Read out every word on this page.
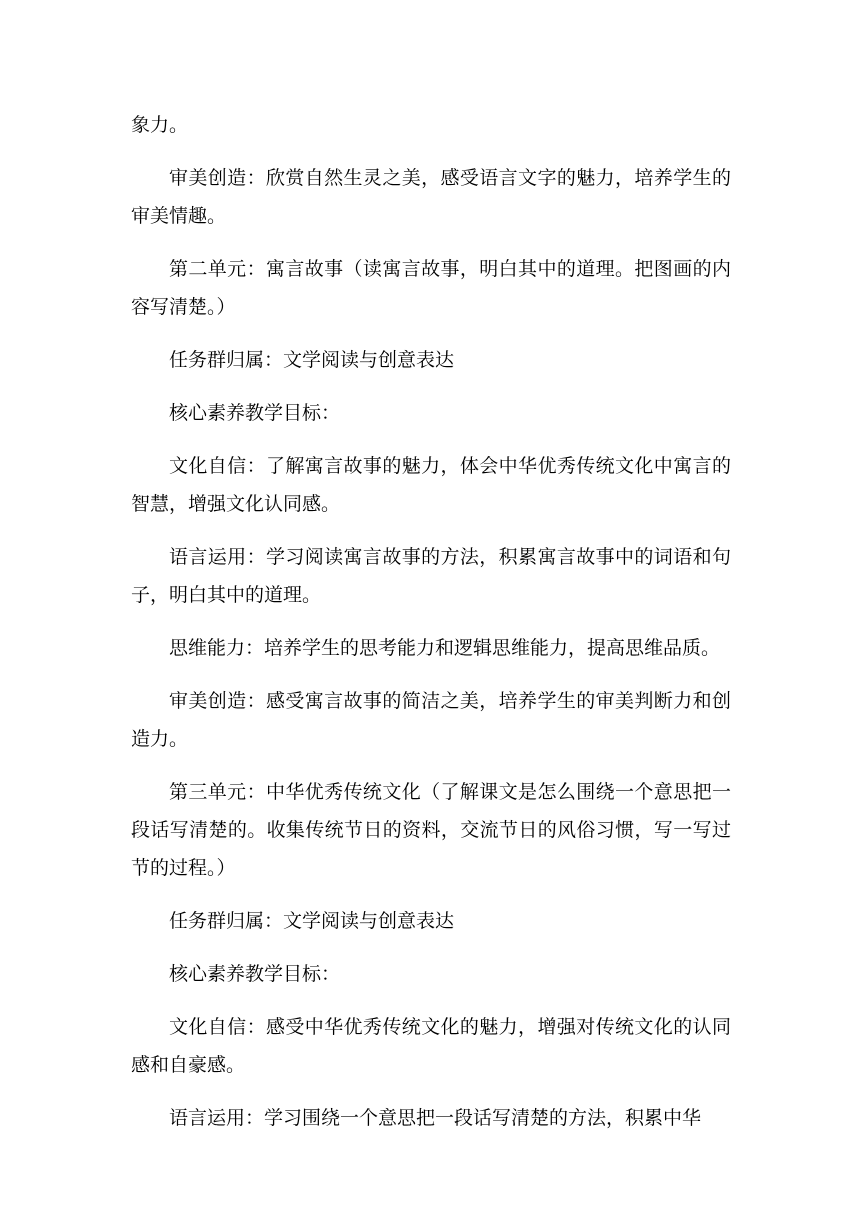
象力。

审美创造：欣赏自然生灵之美，感受语言文字的魅力，培养学生的审美情趣。

第二单元：寓言故事（读寓言故事，明白其中的道理。把图画的内容写清楚。）

任务群归属：文学阅读与创意表达

核心素养教学目标：

文化自信：了解寓言故事的魅力，体会中华优秀传统文化中寓言的智慧，增强文化认同感。

语言运用：学习阅读寓言故事的方法，积累寓言故事中的词语和句子，明白其中的道理。

思维能力：培养学生的思考能力和逻辑思维能力，提高思维品质。

审美创造：感受寓言故事的简洁之美，培养学生的审美判断力和创造力。

第三单元：中华优秀传统文化（了解课文是怎么围绕一个意思把一段话写清楚的。收集传统节日的资料，交流节日的风俗习惯，写一写过节的过程。）

任务群归属：文学阅读与创意表达

核心素养教学目标：

文化自信：感受中华优秀传统文化的魅力，增强对传统文化的认同感和自豪感。

语言运用：学习围绕一个意思把一段话写清楚的方法，积累中华
